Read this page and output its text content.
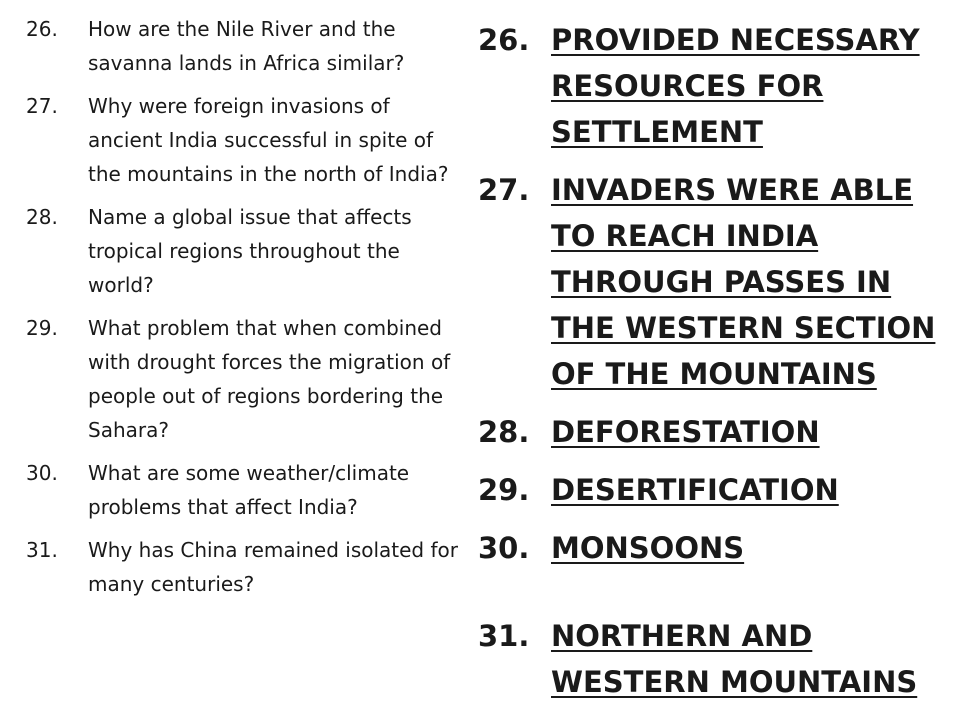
26.	How are the Nile River and the savanna lands in Africa similar?
27.	Why were foreign invasions of ancient India successful in spite of the mountains in the north of India?
28.	Name a global issue that affects tropical regions throughout the world?
29.	What problem that when combined with drought forces the migration of people out of regions bordering the Sahara?
30.	What are some weather/climate problems that affect India?
31.	Why has China remained isolated for many centuries?
26. PROVIDED NECESSARY RESOURCES FOR SETTLEMENT
27. INVADERS WERE ABLE TO REACH INDIA THROUGH PASSES IN THE WESTERN SECTION OF THE MOUNTAINS
28. DEFORESTATION
29. DESERTIFICATION
30. MONSOONS
31. NORTHERN AND WESTERN MOUNTAINS
